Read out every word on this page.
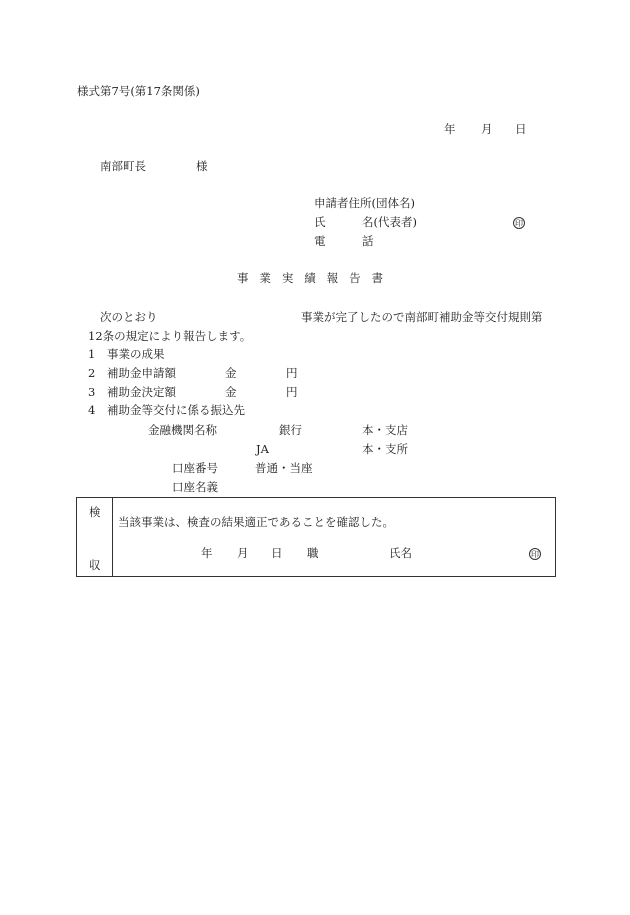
様式第7号(第17条関係)
年 月 日
南部町長	様
申請者住所(団体名)
氏	名(代表者)	印
電	話
事業実績報告書
次のとおり	事業が完了したので南部町補助金等交付規則第
12条の規定により報告します。
1 事業の成果
2 補助金申請額	金	円
3 補助金決定額	金	円
4 補助金等交付に係る振込先
金融機関名称	銀行	本・支店
JA	本・支所
口座番号	普通・当座
口座名義
検
収
当該事業は、検査の結果適正であることを確認した。
年 月 日 職	氏名	印
